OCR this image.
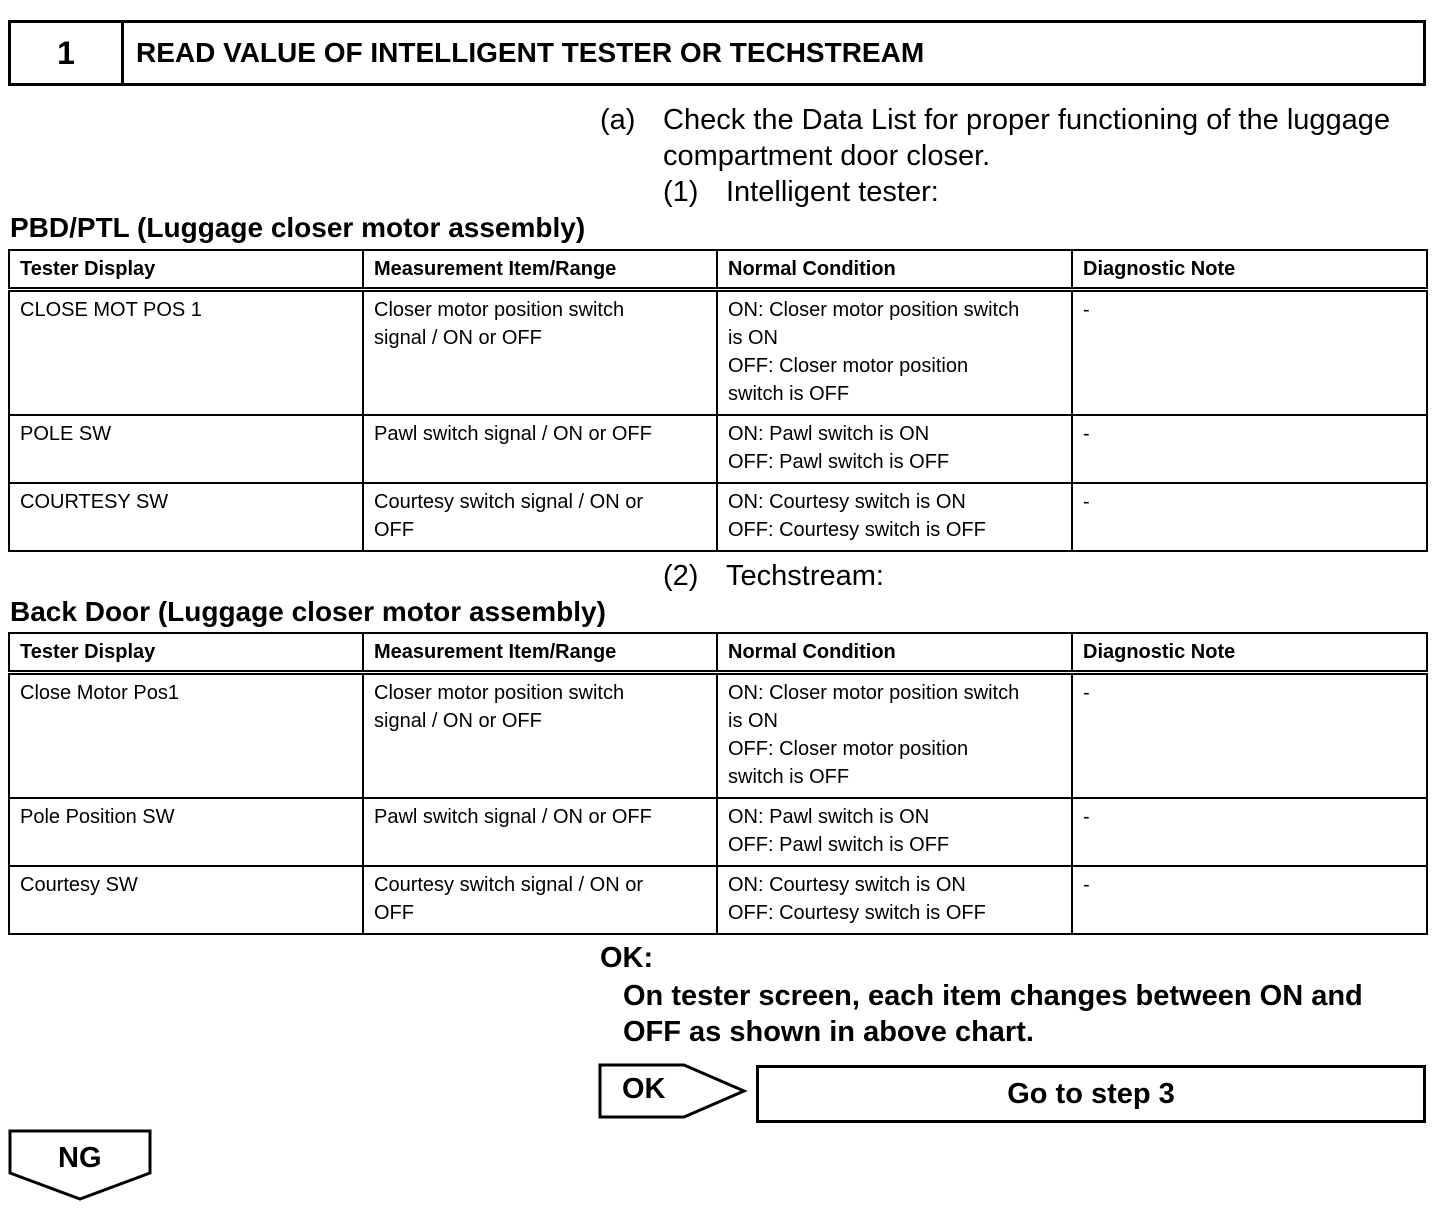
1	READ VALUE OF INTELLIGENT TESTER OR TECHSTREAM
(a) Check the Data List for proper functioning of the luggage
compartment door closer.
(1) Intelligent tester:
PBD/PTL (Luggage closer motor assembly)
Tester Display	Measurement Item/Range	Normal Condition	Diagnostic Note
CLOSE MOT POS 1	Closer motor position switch
signal / ON or OFF	ON: Closer motor position switch
is ON
OFF: Closer motor position
switch is OFF	-
POLE SW	Pawl switch signal / ON or OFF	ON: Pawl switch is ON
OFF: Pawl switch is OFF	-
COURTESY SW	Courtesy switch signal / ON or
OFF	ON: Courtesy switch is ON
OFF: Courtesy switch is OFF	-
(2) Techstream:
Back Door (Luggage closer motor assembly)
Tester Display	Measurement Item/Range	Normal Condition	Diagnostic Note
Close Motor Pos1	Closer motor position switch
signal / ON or OFF	ON: Closer motor position switch
is ON
OFF: Closer motor position
switch is OFF	-
Pole Position SW	Pawl switch signal / ON or OFF	ON: Pawl switch is ON
OFF: Pawl switch is OFF	-
Courtesy SW	Courtesy switch signal / ON or
OFF	ON: Courtesy switch is ON
OFF: Courtesy switch is OFF	-
OK:
On tester screen, each item changes between ON and
OFF as shown in above chart.
OK	Go to step 3
NG
